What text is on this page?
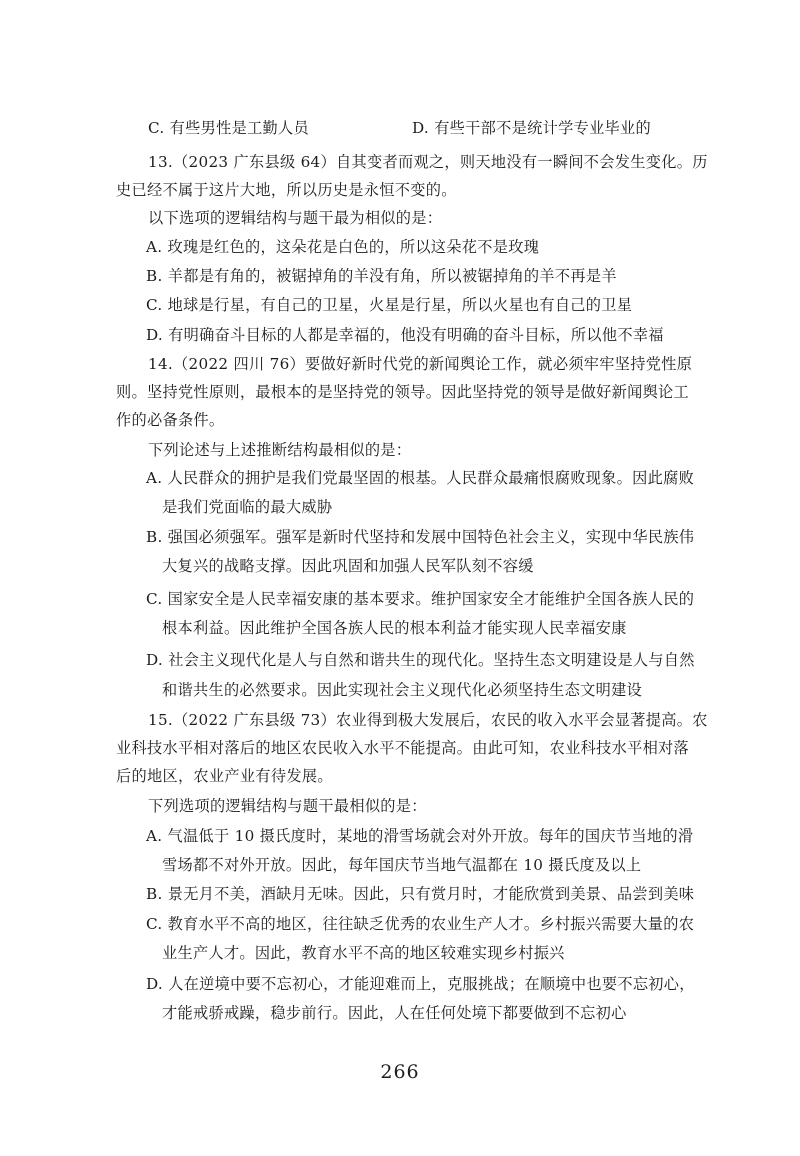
C. 有些男性是工勤人员	D. 有些干部不是统计学专业毕业的
13.（2023 广东县级 64）自其变者而观之，则天地没有一瞬间不会发生变化。历
史已经不属于这片大地，所以历史是永恒不变的。
以下选项的逻辑结构与题干最为相似的是：
A. 玫瑰是红色的，这朵花是白色的，所以这朵花不是玫瑰
B. 羊都是有角的，被锯掉角的羊没有角，所以被锯掉角的羊不再是羊
C. 地球是行星，有自己的卫星，火星是行星，所以火星也有自己的卫星
D. 有明确奋斗目标的人都是幸福的，他没有明确的奋斗目标，所以他不幸福
14.（2022 四川 76）要做好新时代党的新闻舆论工作，就必须牢牢坚持党性原
则。坚持党性原则，最根本的是坚持党的领导。因此坚持党的领导是做好新闻舆论工
作的必备条件。
下列论述与上述推断结构最相似的是：
A. 人民群众的拥护是我们党最坚固的根基。人民群众最痛恨腐败现象。因此腐败
是我们党面临的最大威胁
B. 强国必须强军。强军是新时代坚持和发展中国特色社会主义，实现中华民族伟
大复兴的战略支撑。因此巩固和加强人民军队刻不容缓
C. 国家安全是人民幸福安康的基本要求。维护国家安全才能维护全国各族人民的
根本利益。因此维护全国各族人民的根本利益才能实现人民幸福安康
D. 社会主义现代化是人与自然和谐共生的现代化。坚持生态文明建设是人与自然
和谐共生的必然要求。因此实现社会主义现代化必须坚持生态文明建设
15.（2022 广东县级 73）农业得到极大发展后，农民的收入水平会显著提高。农
业科技水平相对落后的地区农民收入水平不能提高。由此可知，农业科技水平相对落
后的地区，农业产业有待发展。
下列选项的逻辑结构与题干最相似的是：
A. 气温低于 10 摄氏度时，某地的滑雪场就会对外开放。每年的国庆节当地的滑
雪场都不对外开放。因此，每年国庆节当地气温都在 10 摄氏度及以上
B. 景无月不美，酒缺月无味。因此，只有赏月时，才能欣赏到美景、品尝到美味
C. 教育水平不高的地区，往往缺乏优秀的农业生产人才。乡村振兴需要大量的农
业生产人才。因此，教育水平不高的地区较难实现乡村振兴
D. 人在逆境中要不忘初心，才能迎难而上，克服挑战；在顺境中也要不忘初心，
才能戒骄戒躁，稳步前行。因此，人在任何处境下都要做到不忘初心
266
